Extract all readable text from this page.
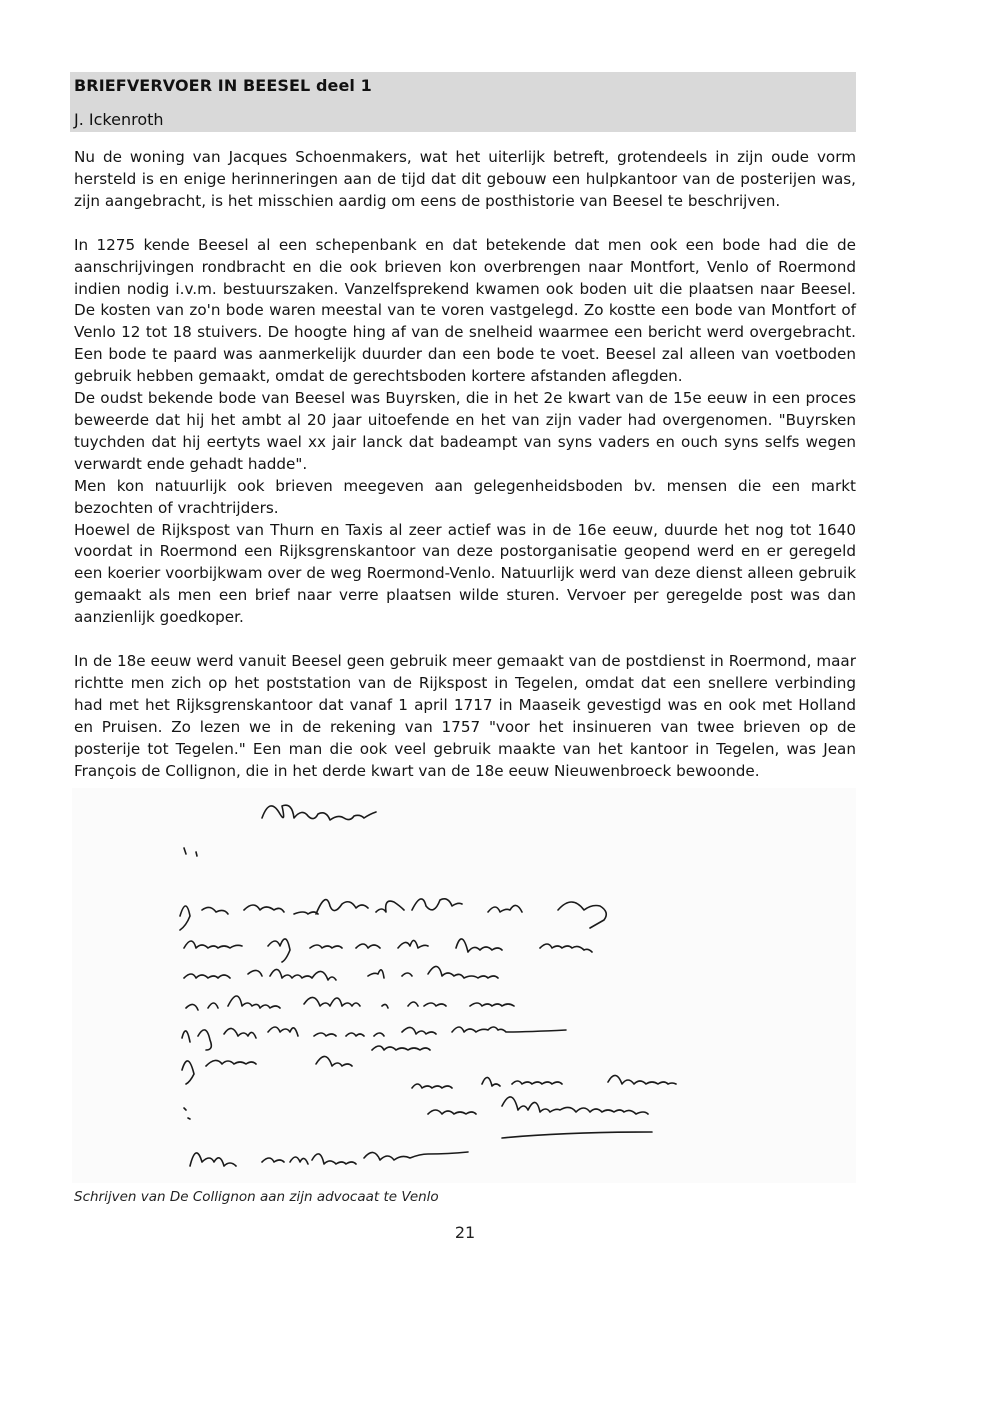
BRIEFVERVOER IN BEESEL deel 1
J. Ickenroth

Nu de woning van Jacques Schoenmakers, wat het uiterlijk betreft, grotendeels in zijn oude vorm hersteld is en enige herinneringen aan de tijd dat dit gebouw een hulpkantoor van de posterijen was, zijn aangebracht, is het misschien aardig om eens de posthistorie van Beesel te beschrijven.

In 1275 kende Beesel al een schepenbank en dat betekende dat men ook een bode had die de aanschrijvingen rondbracht en die ook brieven kon overbrengen naar Montfort, Venlo of Roermond indien nodig i.v.m. bestuurszaken. Vanzelfsprekend kwamen ook boden uit die plaatsen naar Beesel. De kosten van zo'n bode waren meestal van te voren vastgelegd. Zo kostte een bode van Montfort of Venlo 12 tot 18 stuivers. De hoogte hing af van de snelheid waarmee een bericht werd overgebracht. Een bode te paard was aanmerkelijk duurder dan een bode te voet. Beesel zal alleen van voetboden gebruik hebben gemaakt, omdat de gerechtsboden kortere afstanden aflegden.

De oudst bekende bode van Beesel was Buyrsken, die in het 2e kwart van de 15e eeuw in een proces beweerde dat hij het ambt al 20 jaar uitoefende en het van zijn vader had overgenomen. "Buyrsken tuychden dat hij eertyts wael xx jair lanck dat badeampt van syns vaders en ouch syns selfs wegen verwardt ende gehadt hadde".

Men kon natuurlijk ook brieven meegeven aan gelegenheidsboden bv. mensen die een markt bezochten of vrachtrijders.

Hoewel de Rijkspost van Thurn en Taxis al zeer actief was in de 16e eeuw, duurde het nog tot 1640 voordat in Roermond een Rijksgrenskantoor van deze postorganisatie geopend werd en er geregeld een koerier voorbijkwam over de weg Roermond-Venlo. Natuurlijk werd van deze dienst alleen gebruik gemaakt als men een brief naar verre plaatsen wilde sturen. Vervoer per geregelde post was dan aanzienlijk goedkoper.

In de 18e eeuw werd vanuit Beesel geen gebruik meer gemaakt van de postdienst in Roermond, maar richtte men zich op het poststation van de Rijkspost in Tegelen, omdat dat een snellere verbinding had met het Rijksgrenskantoor dat vanaf 1 april 1717 in Maaseik gevestigd was en ook met Holland en Pruisen. Zo lezen we in de rekening van 1757 "voor het insinueren van twee brieven op de posterije tot Tegelen." Een man die ook veel gebruik maakte van het kantoor in Tegelen, was Jean François de Collignon, die in het derde kwart van de 18e eeuw Nieuwenbroeck bewoonde.

Schrijven van De Collignon aan zijn advocaat te Venlo
21
